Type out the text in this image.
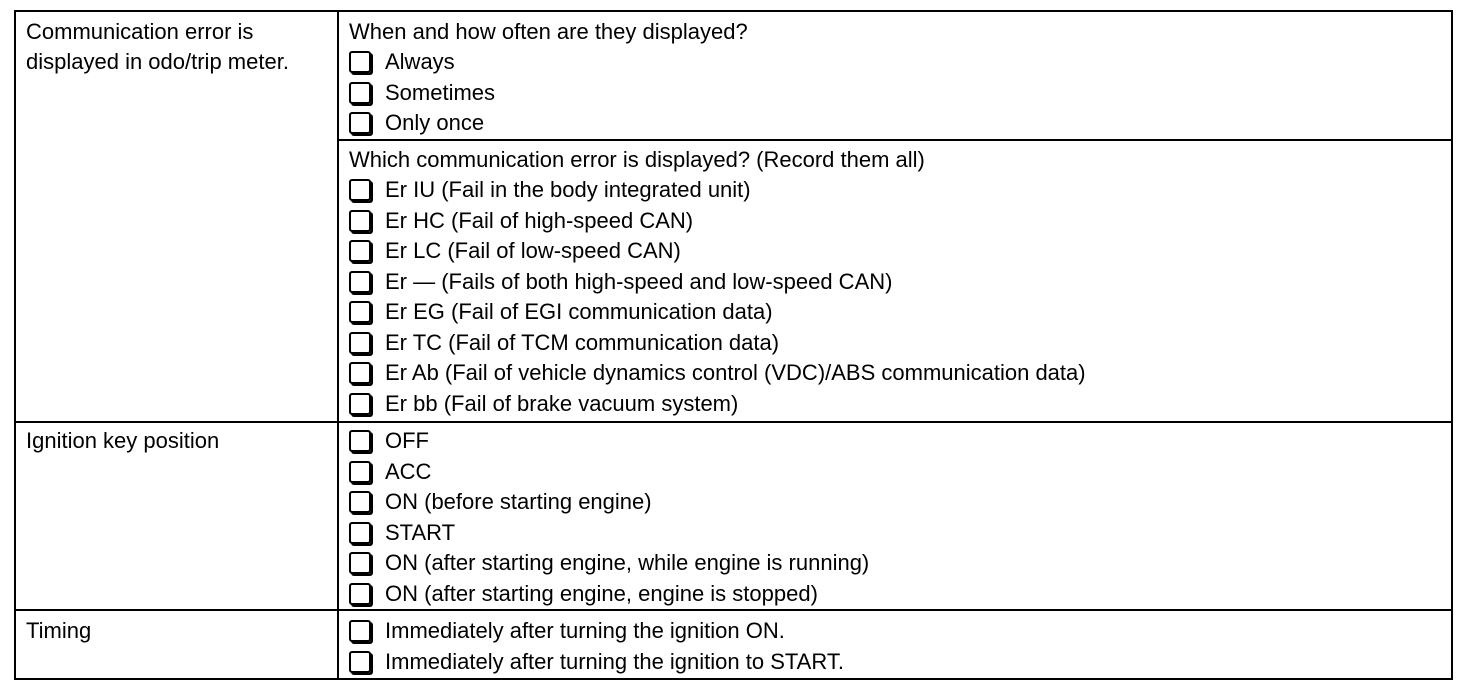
Communication error is displayed in odo/trip meter.
When and how often are they displayed?
Always
Sometimes
Only once
Which communication error is displayed? (Record them all)
Er IU (Fail in the body integrated unit)
Er HC (Fail of high-speed CAN)
Er LC (Fail of low-speed CAN)
Er — (Fails of both high-speed and low-speed CAN)
Er EG (Fail of EGI communication data)
Er TC (Fail of TCM communication data)
Er Ab (Fail of vehicle dynamics control (VDC)/ABS communication data)
Er bb (Fail of brake vacuum system)
Ignition key position	OFF
ACC
ON (before starting engine)
START
ON (after starting engine, while engine is running)
ON (after starting engine, engine is stopped)
Timing	Immediately after turning the ignition ON.
Immediately after turning the ignition to START.
